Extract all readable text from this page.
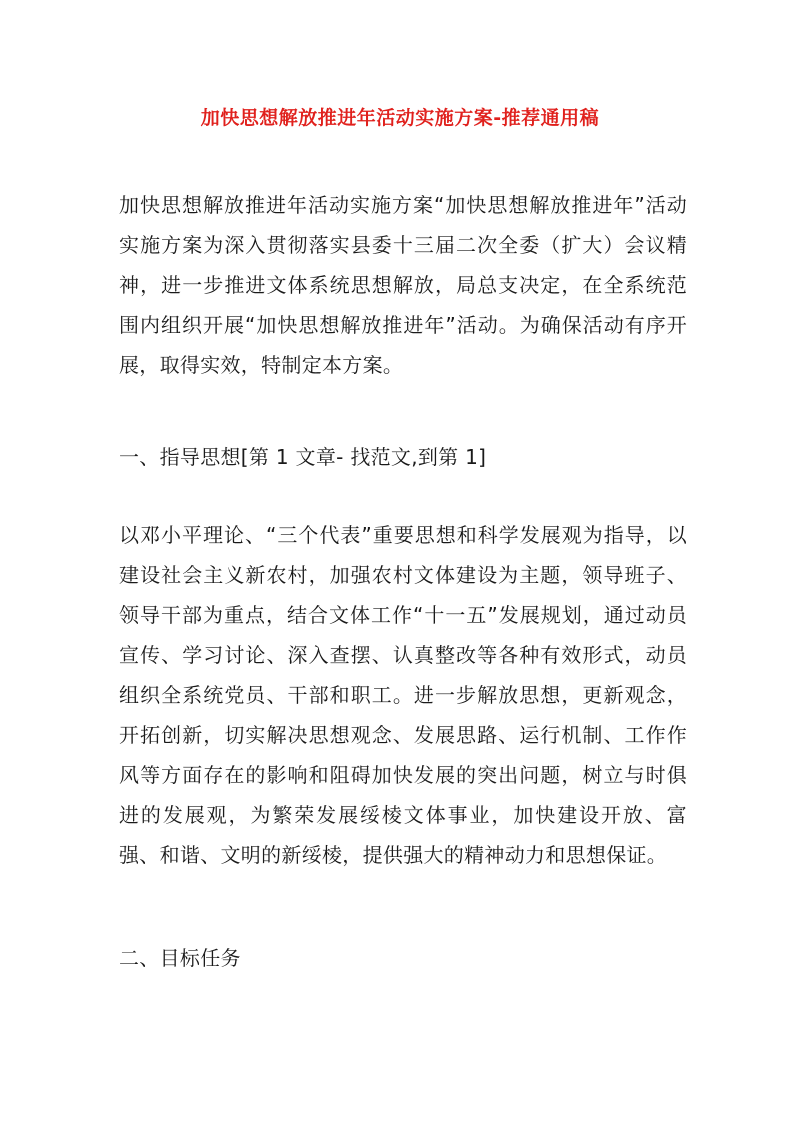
加快思想解放推进年活动实施方案-推荐通用稿

加快思想解放推进年活动实施方案“加快思想解放推进年”活动实施方案为深入贯彻落实县委十三届二次全委（扩大）会议精神，进一步推进文体系统思想解放，局总支决定，在全系统范围内组织开展“加快思想解放推进年”活动。为确保活动有序开展，取得实效，特制定本方案。

一、指导思想[第 1 文章- 找范文,到第 1]

以邓小平理论、“三个代表”重要思想和科学发展观为指导，以建设社会主义新农村，加强农村文体建设为主题，领导班子、领导干部为重点，结合文体工作“十一五”发展规划，通过动员宣传、学习讨论、深入查摆、认真整改等各种有效形式，动员组织全系统党员、干部和职工。进一步解放思想，更新观念，开拓创新，切实解决思想观念、发展思路、运行机制、工作作风等方面存在的影响和阻碍加快发展的突出问题，树立与时俱进的发展观，为繁荣发展绥棱文体事业，加快建设开放、富强、和谐、文明的新绥棱，提供强大的精神动力和思想保证。

二、目标任务
